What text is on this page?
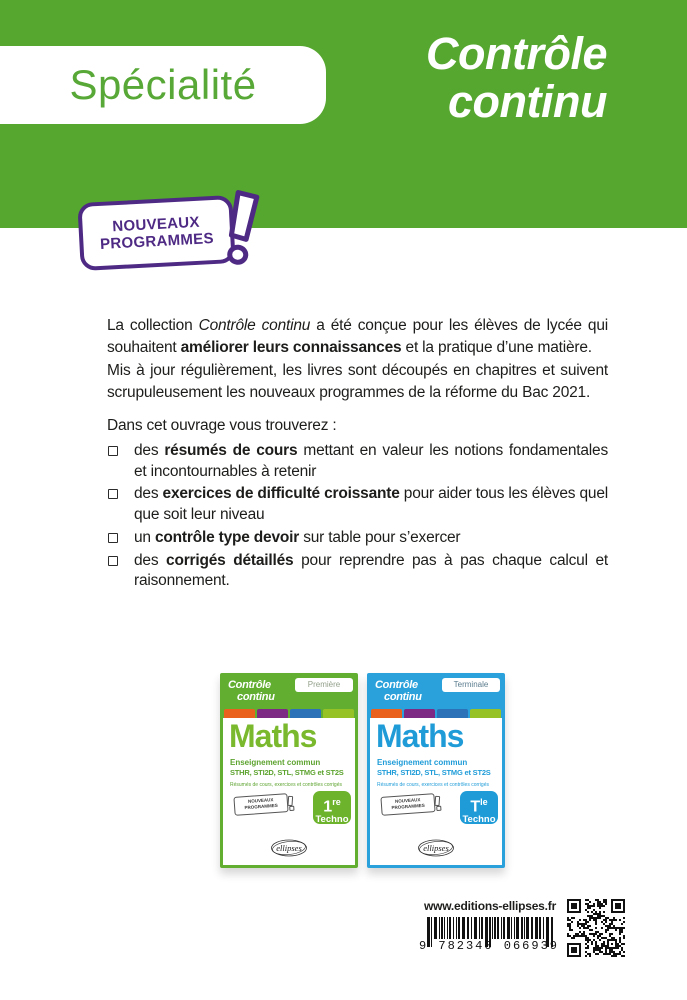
Spécialité
Contrôle
continu
NOUVEAUX
PROGRAMMES
La collection Contrôle continu a été conçue pour les élèves de lycée qui
souhaitent améliorer leurs connaissances et la pratique d’une matière.
Mis à jour régulièrement, les livres sont découpés en chapitres et suivent
scrupuleusement les nouveaux programmes de la réforme du Bac 2021.
Dans cet ouvrage vous trouverez :
des résumés de cours mettant en valeur les notions fondamentales et incontournables à retenir
des exercices de difficulté croissante pour aider tous les élèves quel que soit leur niveau
un contrôle type devoir sur table pour s’exercer
des corrigés détaillés pour reprendre pas à pas chaque calcul et raisonnement.
Contrôle
continu
Première
Maths
Enseignement commun
STHR, STI2D, STL, STMG et ST2S
Résumés de cours, exercices et contrôles corrigés
NOUVEAUX
PROGRAMMES	1re
Techno
ellipses
Contrôle
continu
Terminale
Maths
Enseignement commun
STHR, STI2D, STL, STMG et ST2S
Résumés de cours, exercices et contrôles corrigés
NOUVEAUX
PROGRAMMES	$T^{le}$
Techno
ellipses
www.editions-ellipses.fr
9 782340 066939
